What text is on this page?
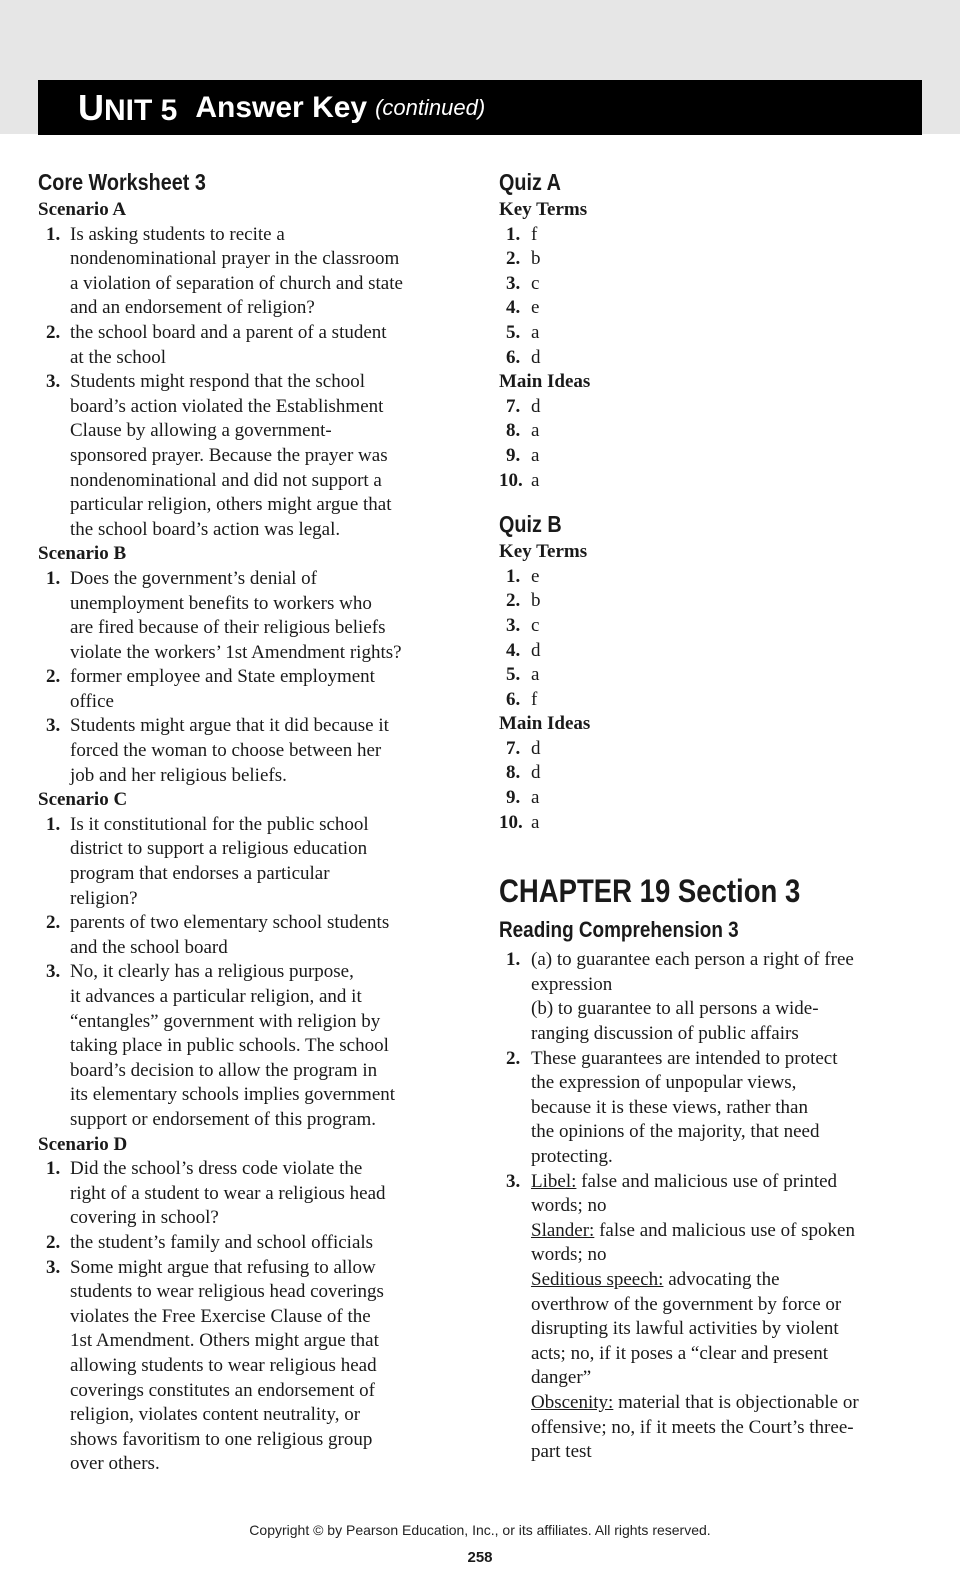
UNIT 5 Answer Key (continued)
Core Worksheet 3
Scenario A
1. Is asking students to recite a
nondenominational prayer in the classroom
a violation of separation of church and state
and an endorsement of religion?
2. the school board and a parent of a student
at the school
3. Students might respond that the school
board’s action violated the Establishment
Clause by allowing a government-
sponsored prayer. Because the prayer was
nondenominational and did not support a
particular religion, others might argue that
the school board’s action was legal.
Scenario B
1. Does the government’s denial of
unemployment benefits to workers who
are fired because of their religious beliefs
violate the workers’ 1st Amendment rights?
2. former employee and State employment
office
3. Students might argue that it did because it
forced the woman to choose between her
job and her religious beliefs.
Scenario C
1. Is it constitutional for the public school
district to support a religious education
program that endorses a particular
religion?
2. parents of two elementary school students
and the school board
3. No, it clearly has a religious purpose,
it advances a particular religion, and it
“entangles” government with religion by
taking place in public schools. The school
board’s decision to allow the program in
its elementary schools implies government
support or endorsement of this program.
Scenario D
1. Did the school’s dress code violate the
right of a student to wear a religious head
covering in school?
2. the student’s family and school officials
3. Some might argue that refusing to allow
students to wear religious head coverings
violates the Free Exercise Clause of the
1st Amendment. Others might argue that
allowing students to wear religious head
coverings constitutes an endorsement of
religion, violates content neutrality, or
shows favoritism to one religious group
over others.
Quiz A
Key Terms
1. f
2. b
3. c
4. e
5. a
6. d
Main Ideas
7. d
8. a
9. a
10. a
Quiz B
Key Terms
1. e
2. b
3. c
4. d
5. a
6. f
Main Ideas
7. d
8. d
9. a
10. a
CHAPTER 19 Section 3
Reading Comprehension 3
1. (a) to guarantee each person a right of free
expression
(b) to guarantee to all persons a wide-
ranging discussion of public affairs
2. These guarantees are intended to protect
the expression of unpopular views,
because it is these views, rather than
the opinions of the majority, that need
protecting.
3. Libel: false and malicious use of printed
words; no
Slander: false and malicious use of spoken
words; no
Seditious speech: advocating the
overthrow of the government by force or
disrupting its lawful activities by violent
acts; no, if it poses a “clear and present
danger”
Obscenity: material that is objectionable or
offensive; no, if it meets the Court’s three-
part test
Copyright © by Pearson Education, Inc., or its affiliates. All rights reserved.
258
